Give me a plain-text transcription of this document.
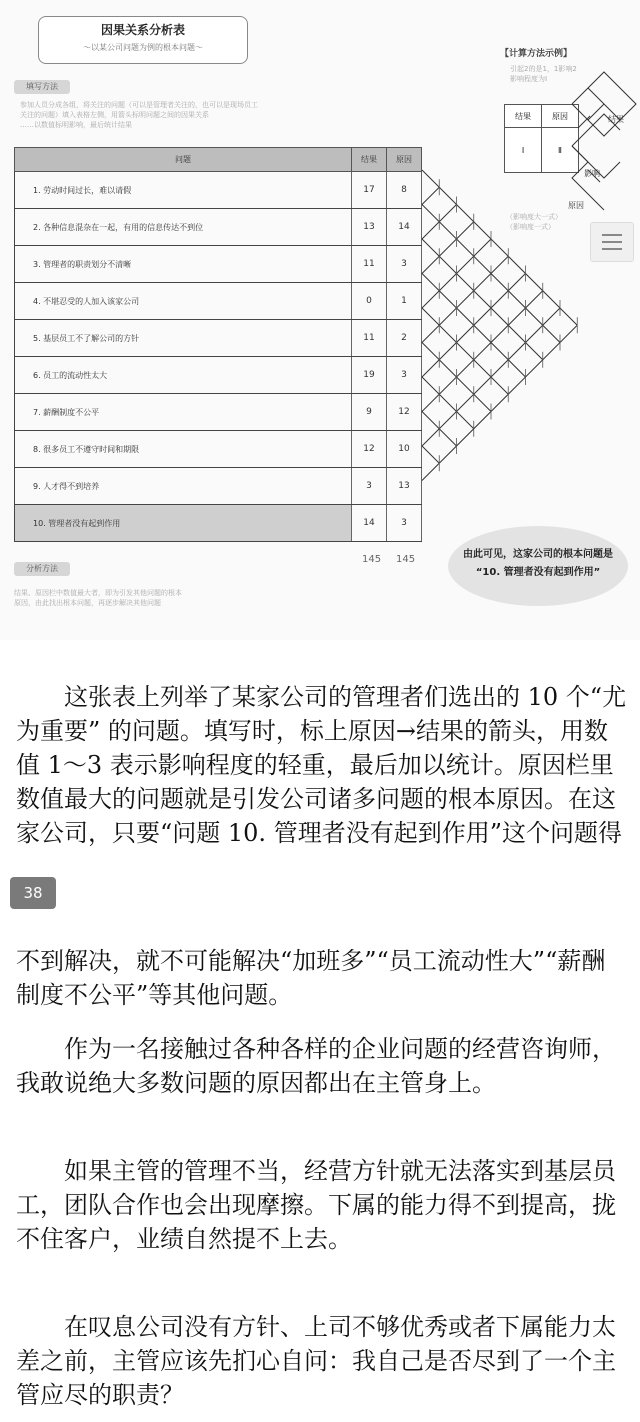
因果关系分析表
～以某公司问题为例的根本问题～
填写方法
参加人员分成各组，将关注的问题（可以是管理者关注的，也可以是现场员工
关注的问题）填入表格左侧，用箭头标明问题之间的因果关系
……以数值标明影响，最后统计结果
问题	结果	原因
1. 劳动时间过长，难以请假	17	8
2. 各种信息混杂在一起，有用的信息传达不到位	13	14
3. 管理者的职责划分不清晰	11	3
4. 不堪忍受的人加入该家公司	0	1
5. 基层员工不了解公司的方针	11	2
6. 员工的流动性太大	19	3
7. 薪酬制度不公平	9	12
8. 很多员工不遵守时间和期限	12	10
9. 人才得不到培养	3	13
10. 管理者没有起到作用	14	3
145 145
分析方法
结果、原因栏中数值最大者，即为引发其他问题的根本
原因，由此找出根本问题，再逐步解决其他问题
由此可见，这家公司的根本问题是
“10. 管理者没有起到作用”
【计算方法示例】
引起2的是1，1影响2
影响程度为Ⅰ
结果	原因
Ⅰ	Ⅱ
结果
影响
原因
（影响度大一式）
（影响度一式）

这张表上列举了某家公司的管理者们选出的 10 个“尤为重要” 的问题。填写时，标上原因→结果的箭头，用数值 1～3 表示影响程度的轻重，最后加以统计。原因栏里数值最大的问题就是引发公司诸多问题的根本原因。在这家公司，只要“问题 10. 管理者没有起到作用”这个问题得

38

不到解决，就不可能解决“加班多”“员工流动性大”“薪酬制度不公平”等其他问题。

作为一名接触过各种各样的企业问题的经营咨询师，我敢说绝大多数问题的原因都出在主管身上。

如果主管的管理不当，经营方针就无法落实到基层员工，团队合作也会出现摩擦。下属的能力得不到提高，拢不住客户，业绩自然提不上去。

在叹息公司没有方针、上司不够优秀或者下属能力太差之前，主管应该先扪心自问：我自己是否尽到了一个主管应尽的职责？
